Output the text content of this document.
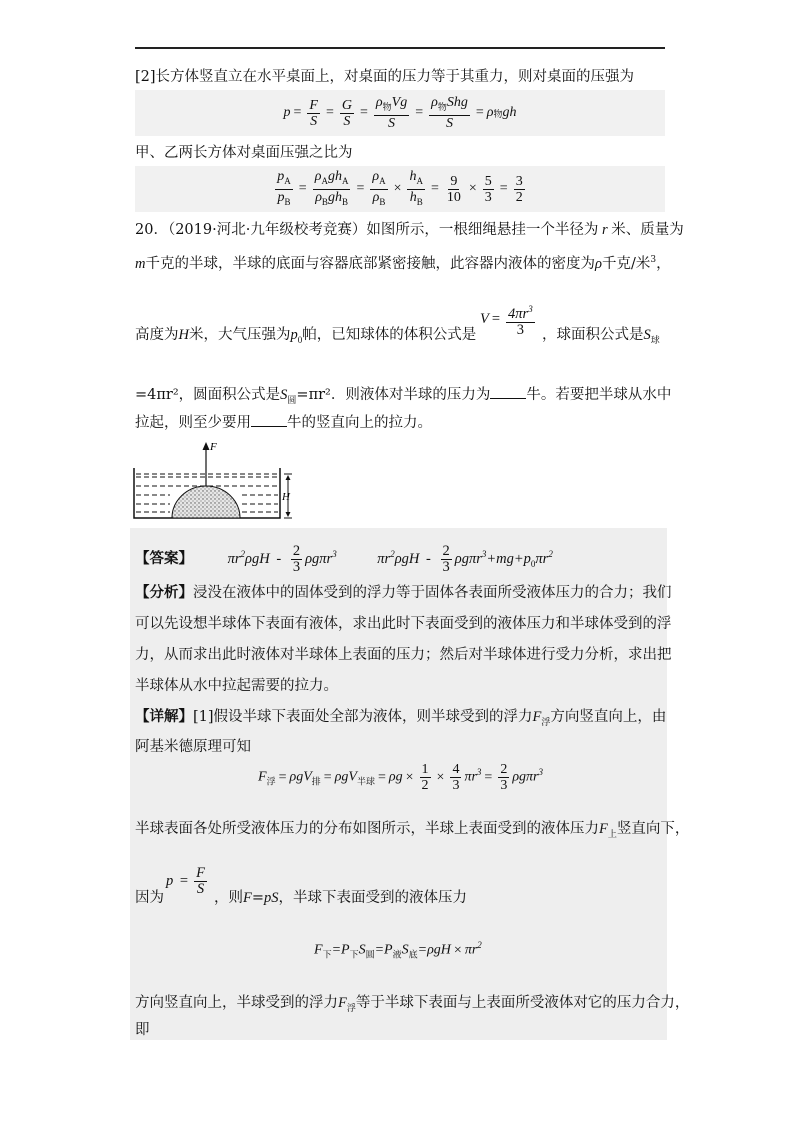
[2]长方体竖直立在水平桌面上，对桌面的压力等于其重力，则对桌面的压强为
$p = \frac{F}{S} = \frac{G}{S} = \frac{\rho_物Vg}{S} = \frac{\rho_物Shg}{S} = \rho$ 物 gh
甲、乙两长方体对桌面压强之比为
$\frac{p_A}{p_B} = \frac{\rho_Agh_A}{\rho_Bgh_B} = \frac{\rho_A}{\rho_B} \times \frac{h_A}{h_B} = \frac{9}{10} \times \frac{5}{3} = \frac{3}{2}$
20．（2019·河北·九年级校考竞赛）如图所示，一根细绳悬挂一个半径为 r 米、质量为
m千克的半球，半球的底面与容器底部紧密接触，此容器内液体的密度为ρ千克/米$^3$，
高度为H米，大气压强为$p_0$帕，已知球体的体积公式是
$V = \frac{4\pi r^3}{3}$ ，球面积公式是$S_球$
=4πr²，圆面积公式是$S_圆=\pi r^2$．则液体对半球的压力为 牛。若要把半球从水中
拉起，则至少要用 牛的竖直向上的拉力。
F
H
【答案】 $\pi r^2\rho gH - \frac{2}{3} \rho g\pi r^3$	$\pi r^2\rho gH - \frac{2}{3} \rho g\pi r^3+mg+p_0\pi r^2$
【分析】浸没在液体中的固体受到的浮力等于固体各表面所受液体压力的合力；我们
可以先设想半球体下表面有液体，求出此时下表面受到的液体压力和半球体受到的浮
力，从而求出此时液体对半球体上表面的压力；然后对半球体进行受力分析，求出把
半球体从水中拉起需要的拉力。
【详解】[1]假设半球下表面处全部为液体，则半球受到的浮力$F_浮$方向竖直向上，由
阿基米德原理可知
$F_浮 = \rho gV_排 = \rho gV_{半球} = \rho g \times \frac{1}{2} \times \frac{4}{3} \pi r^3 = \frac{2}{3} \rho g\pi r^3$
半球表面各处所受液体压力的分布如图所示，半球上表面受到的液体压力$F_上$竖直向下，
因为
$p = \frac{F}{S}$
，则F=pS，半球下表面受到的液体压力
$F_下=P_下S_圆=P_液S_底=\rho gH \times \pi r^2$
方向竖直向上，半球受到的浮力$F_浮$等于半球下表面与上表面所受液体对它的压力合力，
即
